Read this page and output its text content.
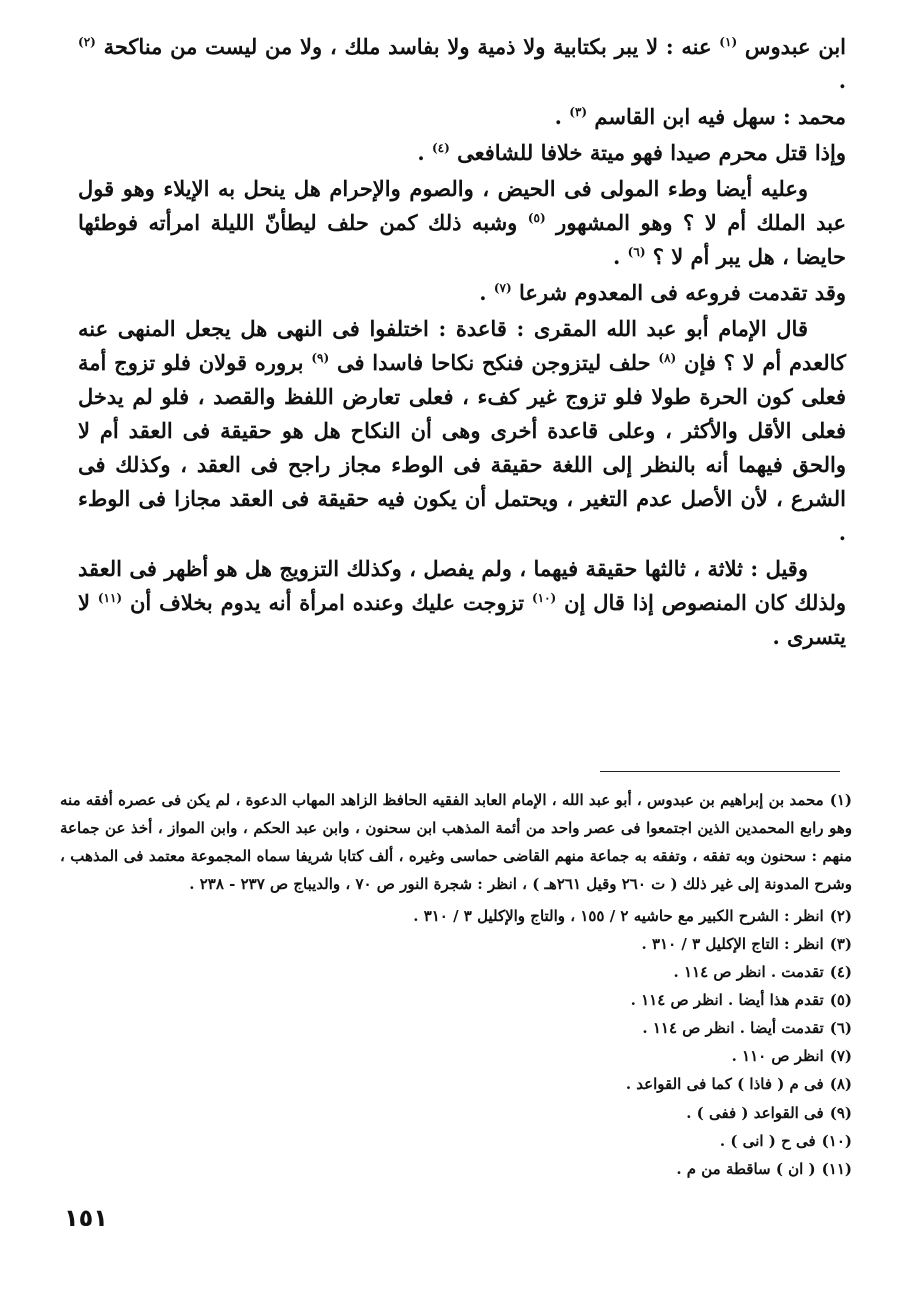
ابن عبدوس $^{(١)}$ عنه : لا يبر بكتابية ولا ذمية ولا بفاسد ملك ، ولا من ليست من مناكحة $^{(٢)}$ .

محمد : سهل فيه ابن القاسم $^{(٣)}$ .

وإذا قتل محرم صيدا فهو ميتة خلافا للشافعى $^{(٤)}$ .

وعليه أيضا وطء المولى فى الحيض ، والصوم والإحرام هل ينحل به الإيلاء وهو قول عبد الملك أم لا ؟ وهو المشهور $^{(٥)}$ وشبه ذلك كمن حلف ليطأنّ الليلة امرأته فوطئها حايضا ، هل يبر أم لا ؟ $^{(٦)}$ .

وقد تقدمت فروعه فى المعدوم شرعا $^{(٧)}$ .

قال الإمام أبو عبد الله المقرى : قاعدة : اختلفوا فى النهى هل يجعل المنهى عنه كالعدم أم لا ؟ فإن $^{(٨)}$ حلف ليتزوجن فنكح نكاحا فاسدا فى $^{(٩)}$ بروره قولان فلو تزوج أمة فعلى كون الحرة طولا فلو تزوج غير كفء ، فعلى تعارض اللفظ والقصد ، فلو لم يدخل فعلى الأقل والأكثر ، وعلى قاعدة أخرى وهى أن النكاح هل هو حقيقة فى العقد أم لا والحق فيهما أنه بالنظر إلى اللغة حقيقة فى الوطء مجاز راجح فى العقد ، وكذلك فى الشرع ، لأن الأصل عدم التغير ، ويحتمل أن يكون فيه حقيقة فى العقد مجازا فى الوطء .

وقيل : ثلاثة ، ثالثها حقيقة فيهما ، ولم يفصل ، وكذلك التزويج هل هو أظهر فى العقد ولذلك كان المنصوص إذا قال إن $^{(١٠)}$ تزوجت عليك وعنده امرأة أنه يدوم بخلاف أن $^{(١١)}$ لا يتسرى .

(١)محمد بن إبراهيم بن عبدوس ، أبو عبد الله ، الإمام العابد الفقيه الحافظ الزاهد المهاب الدعوة ، لم يكن فى عصره أفقه منه وهو رابع المحمدين الذين اجتمعوا فى عصر واحد من أئمة المذهب ابن سحنون ، وابن عبد الحكم ، وابن المواز ، أخذ عن جماعة منهم : سحنون وبه تفقه ، وتفقه به جماعة منهم القاضى حماسى وغيره ، ألف كتابا شريفا سماه المجموعة معتمد فى المذهب ، وشرح المدونة إلى غير ذلك ( ت ٢٦٠ وقيل ٢٦١هـ ) ، انظر : شجرة النور ص ٧٠ ، والديباج ص ٢٣٧ - ٢٣٨ .
(٢)انظر : الشرح الكبير مع حاشيه ٢ / ١٥٥ ، والتاج والإكليل ٣ / ٣١٠ .
(٣)انظر : التاج الإكليل ٣ / ٣١٠ .
(٤)تقدمت . انظر ص ١١٤ .
(٥)تقدم هذا أيضا . انظر ص ١١٤ .
(٦)تقدمت أيضا . انظر ص ١١٤ .
(٧)انظر ص ١١٠ .
(٨)فى م ( فاذا ) كما فى القواعد .
(٩)فى القواعد ( ففى ) .
(١٠)فى ح ( انى ) .
(١١)( ان ) ساقطة من م .
١٥١
